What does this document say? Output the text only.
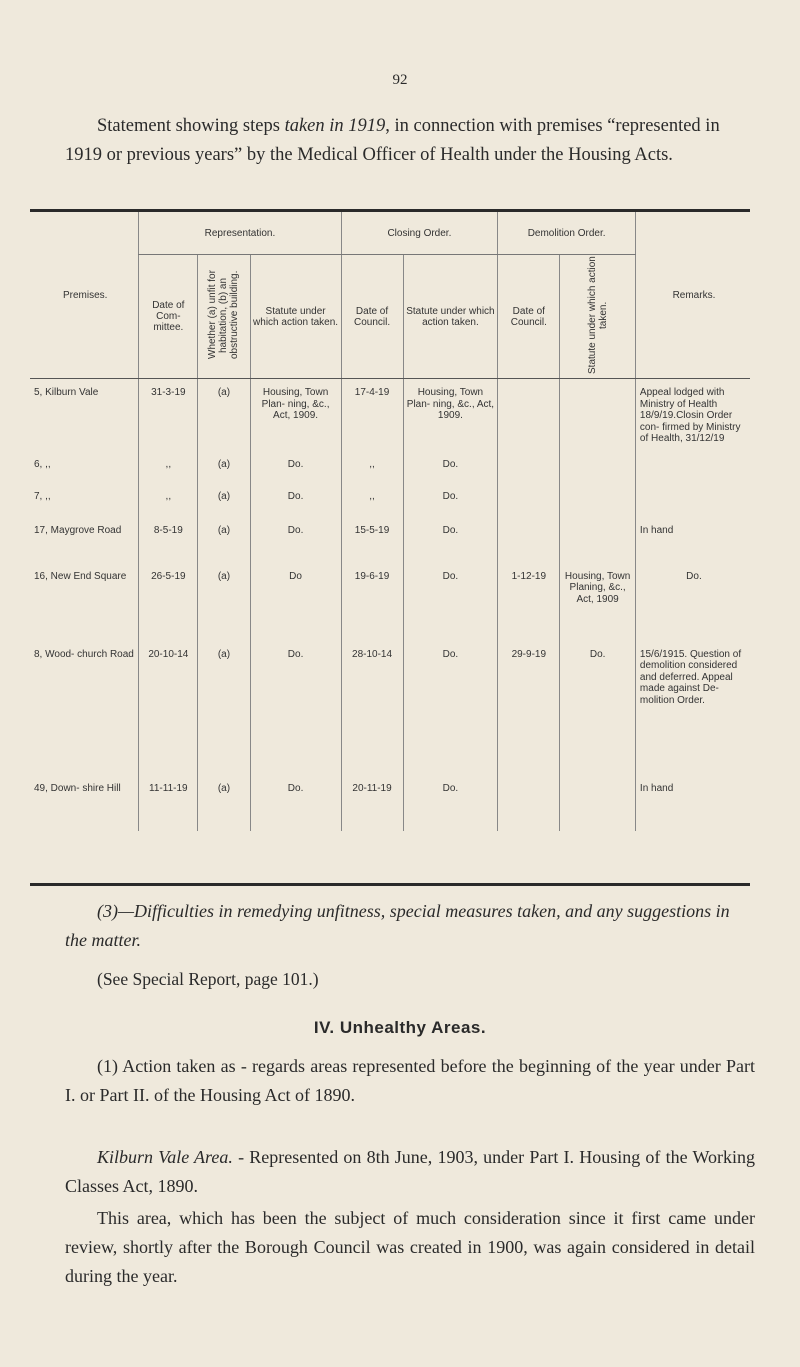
92
Statement showing steps taken in 1919, in connection with premises “represented in 1919 or previous years” by the Medical Officer of Health under the Housing Acts.
Premises.	Representation.			Closing Order.		Demolition Order.		Remarks.
	Date of Com- mittee.	Whether (a) unfit for habitation, (b) an obstructive building.	Statute under which action taken.	Date of Council.	Statute under which action taken.	Date of Council.	Statute under which action taken.	
5, Kilburn Vale	31-3-19	(a)	Housing, Town Plan- ning, &c., Act, 1909.	17-4-19	Housing, Town Plan- ning, &c., Act, 1909.			Appeal lodged with Ministry of Health 18/9/19.Closin Order con- firmed by Ministry of Health, 31/12/19
6, ,,	,,	(a)	Do.	,,	Do.			
7, ,,	,,	(a)	Do.	,,	Do.			
17, Maygrove Road	8-5-19	(a)	Do.	15-5-19	Do.			In hand
16, New End Square	26-5-19	(a)	Do	19-6-19	Do.	1-12-19	Housing, Town Planing, &c., Act, 1909	Do.
8, Wood- church Road	20-10-14	(a)	Do.	28-10-14	Do.	29-9-19	Do.	15/6/1915. Question of demolition considered and deferred. Appeal made against De- molition Order.
49, Down- shire Hill	11-11-19	(a)	Do.	20-11-19	Do.			In hand
(3)—Difficulties in remedying unfitness, special measures taken, and any suggestions in the matter.
(See Special Report, page 101.)
IV. Unhealthy Areas.
(1) Action taken as - regards areas represented before the beginning of the year under Part I. or Part II. of the Housing Act of 1890.
Kilburn Vale Area. - Represented on 8th June, 1903, under Part I. Housing of the Working Classes Act, 1890.
This area, which has been the subject of much consideration since it first came under review, shortly after the Borough Council was created in 1900, was again considered in detail during the year.
